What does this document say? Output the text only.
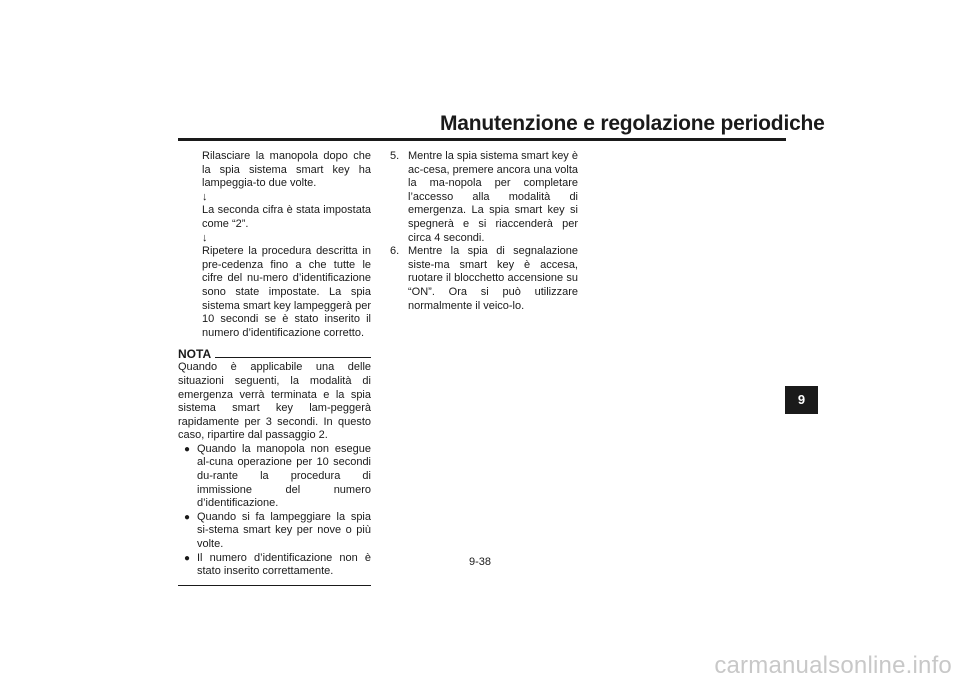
Manutenzione e regolazione periodiche
Rilasciare la manopola dopo che la spia sistema smart key ha lampeggia-to due volte.
↓
La seconda cifra è stata impostata come “2”.
↓
Ripetere la procedura descritta in pre-cedenza fino a che tutte le cifre del nu-mero d’identificazione sono state impostate. La spia sistema smart key lampeggerà per 10 secondi se è stato inserito il numero d’identificazione corretto.
NOTA
Quando è applicabile una delle situazioni seguenti, la modalità di emergenza verrà terminata e la spia sistema smart key lam-peggerà rapidamente per 3 secondi. In questo caso, ripartire dal passaggio 2.
● Quando la manopola non esegue al-cuna operazione per 10 secondi du-rante la procedura di immissione del numero d’identificazione.
● Quando si fa lampeggiare la spia si-stema smart key per nove o più volte.
● Il numero d’identificazione non è stato inserito correttamente.
5. Mentre la spia sistema smart key è ac-cesa, premere ancora una volta la ma-nopola per completare l’accesso alla modalità di emergenza. La spia smart key si spegnerà e si riaccenderà per circa 4 secondi.
6. Mentre la spia di segnalazione siste-ma smart key è accesa, ruotare il blocchetto accensione su “ON”. Ora si può utilizzare normalmente il veico-lo.
9-38
9
carmanualsonline.info
